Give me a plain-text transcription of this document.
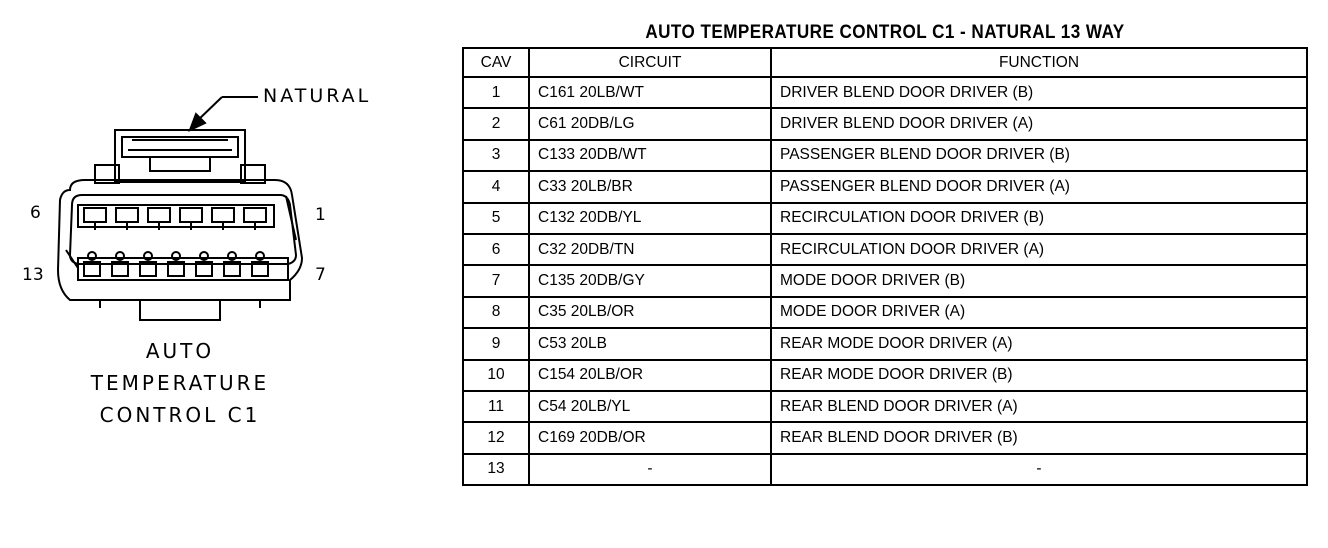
NATURAL
6	1
13	7
AUTO
TEMPERATURE
CONTROL C1
AUTO TEMPERATURE CONTROL C1 - NATURAL 13 WAY
CAV	CIRCUIT	FUNCTION
1	C161 20LB/WT	DRIVER BLEND DOOR DRIVER (B)
2	C61 20DB/LG	DRIVER BLEND DOOR DRIVER (A)
3	C133 20DB/WT	PASSENGER BLEND DOOR DRIVER (B)
4	C33 20LB/BR	PASSENGER BLEND DOOR DRIVER (A)
5	C132 20DB/YL	RECIRCULATION DOOR DRIVER (B)
6	C32 20DB/TN	RECIRCULATION DOOR DRIVER (A)
7	C135 20DB/GY	MODE DOOR DRIVER (B)
8	C35 20LB/OR	MODE DOOR DRIVER (A)
9	C53 20LB	REAR MODE DOOR DRIVER (A)
10	C154 20LB/OR	REAR MODE DOOR DRIVER (B)
11	C54 20LB/YL	REAR BLEND DOOR DRIVER (A)
12	C169 20DB/OR	REAR BLEND DOOR DRIVER (B)
13	-	-
